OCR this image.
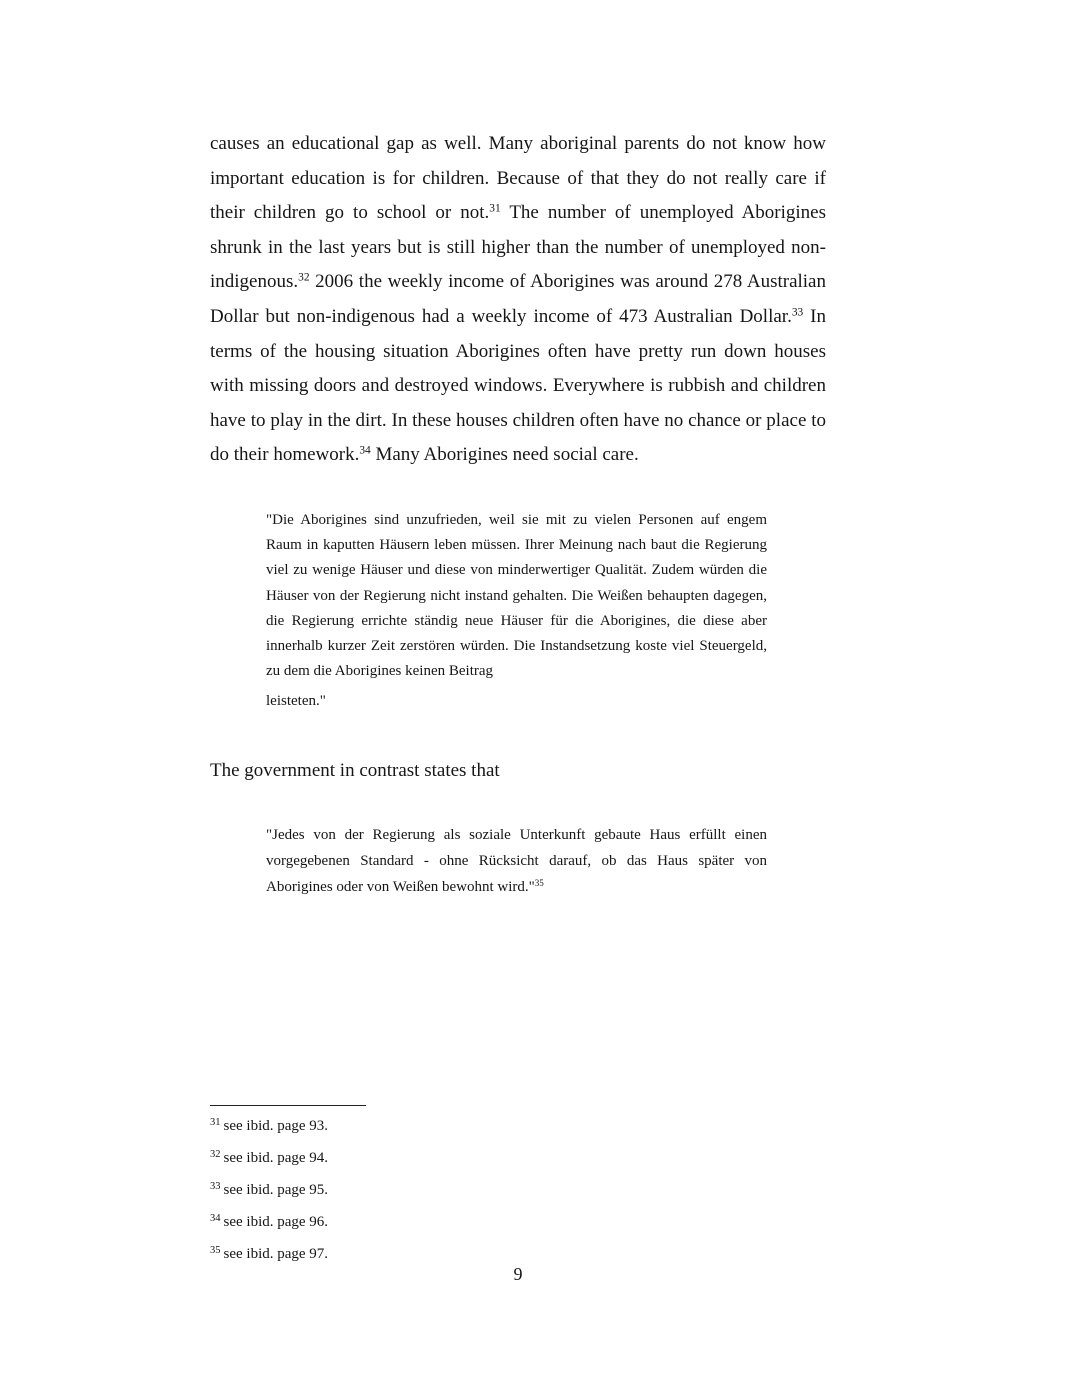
causes an educational gap as well. Many aboriginal parents do not know how important education is for children. Because of that they do not really care if their children go to school or not.$^{31}$ The number of unemployed Aborigines shrunk in the last years but is still higher than the number of unemployed non-indigenous.$^{32}$ 2006 the weekly income of Aborigines was around 278 Australian Dollar but non-indigenous had a weekly income of 473 Australian Dollar.$^{33}$ In terms of the housing situation Aborigines often have pretty run down houses with missing doors and destroyed windows. Everywhere is rubbish and children have to play in the dirt. In these houses children often have no chance or place to do their homework.$^{34}$ Many Aborigines need social care.

"Die Aborigines sind unzufrieden, weil sie mit zu vielen Personen auf engem Raum in kaputten Häusern leben müssen. Ihrer Meinung nach baut die Regierung viel zu wenige Häuser und diese von minderwertiger Qualität. Zudem würden die Häuser von der Regierung nicht instand gehalten. Die Weißen behaupten dagegen, die Regierung errichte ständig neue Häuser für die Aborigines, die diese aber innerhalb kurzer Zeit zerstören würden. Die Instandsetzung koste viel Steuergeld, zu dem die Aborigines keinen Beitrag
leisteten."

The government in contrast states that

"Jedes von der Regierung als soziale Unterkunft gebaute Haus erfüllt einen vorgegebenen Standard - ohne Rücksicht darauf, ob das Haus später von Aborigines oder von Weißen bewohnt wird."$^{35}$
$^{31}$ see ibid. page 93.
$^{32}$ see ibid. page 94.
$^{33}$ see ibid. page 95.
$^{34}$ see ibid. page 96.
$^{35}$ see ibid. page 97.
9
